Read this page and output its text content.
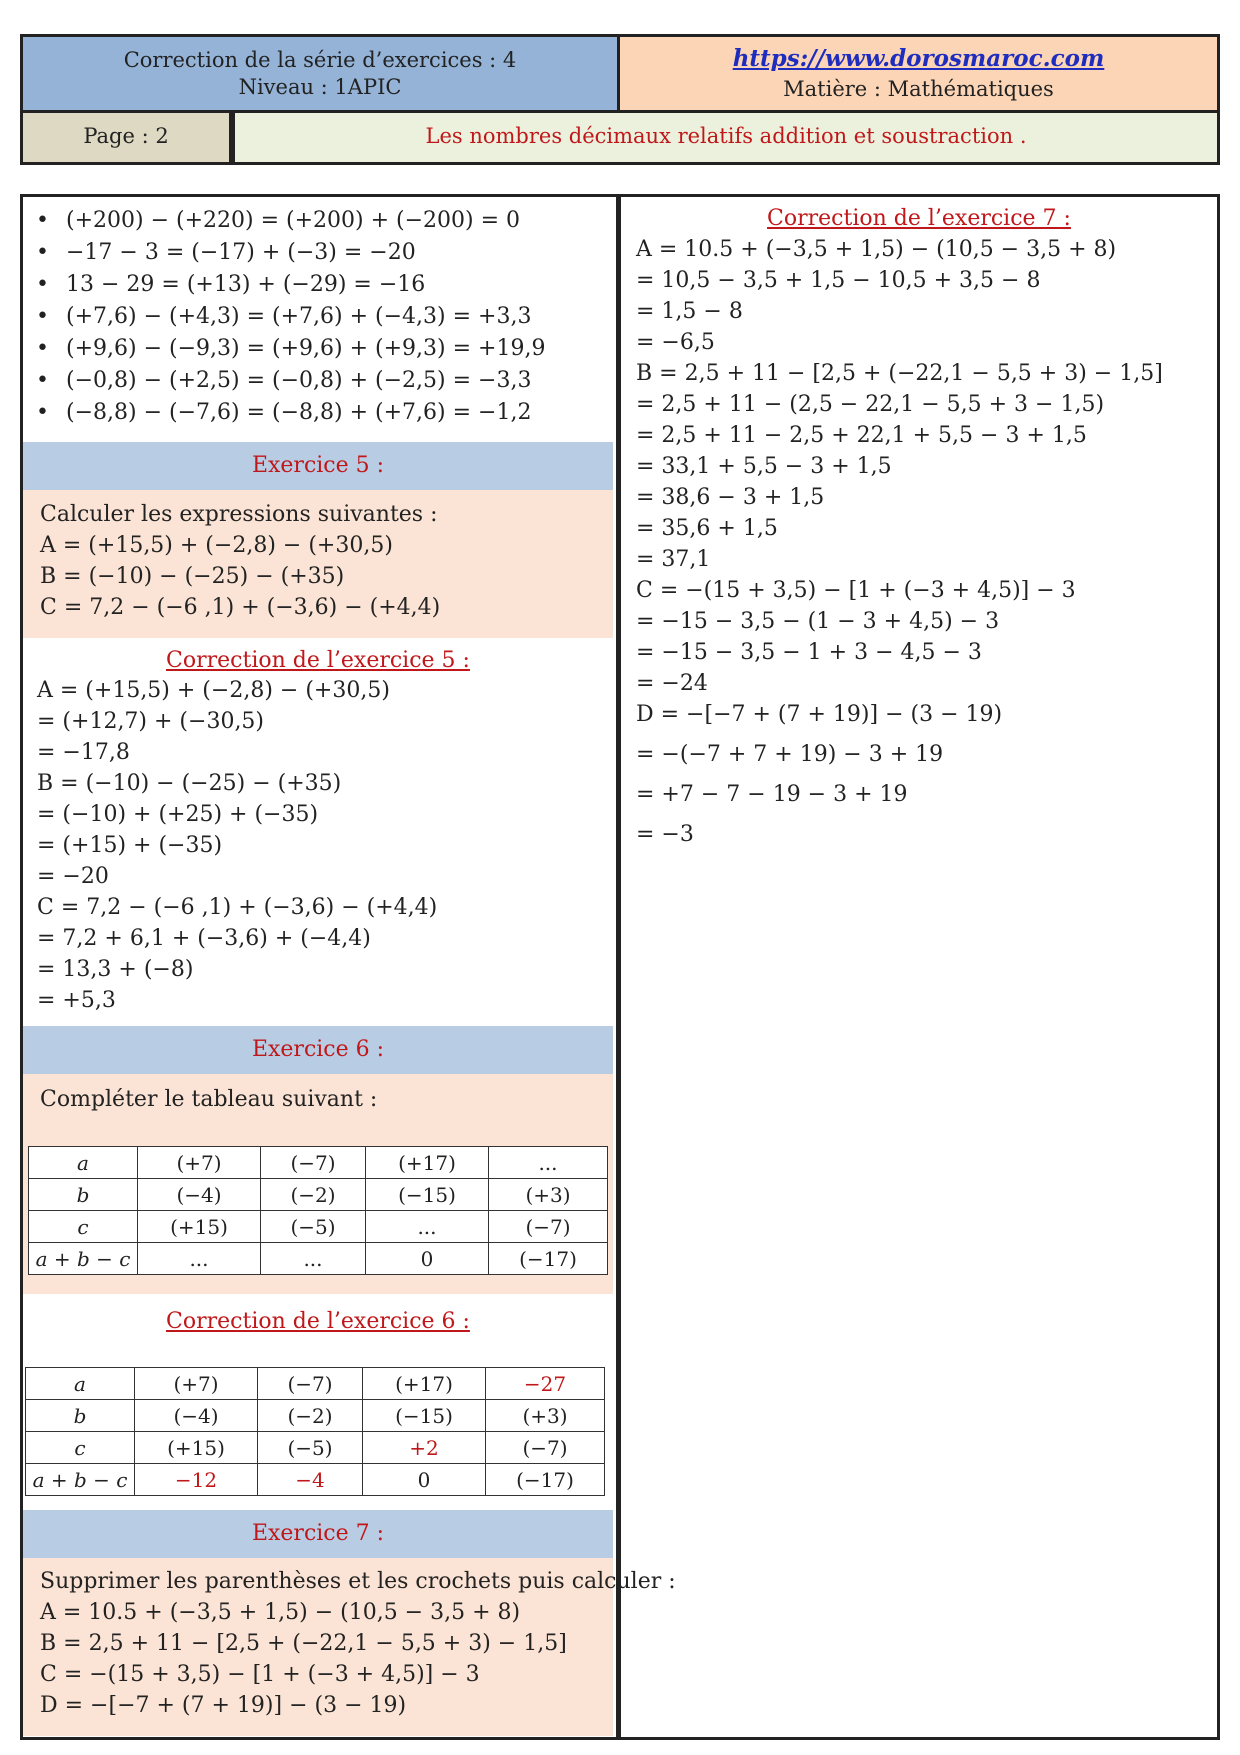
Correction de la série d’exercices : 4
Niveau : 1APIC
https://www.dorosmaroc.com
Matière : Mathématiques
Page : 2	Les nombres décimaux relatifs addition et soustraction .
• (+200) − (+220) = (+200) + (−200) = 0
• −17 − 3 = (−17) + (−3) = −20
• 13 − 29 = (+13) + (−29) = −16
• (+7,6) − (+4,3) = (+7,6) + (−4,3) = +3,3
• (+9,6) − (−9,3) = (+9,6) + (+9,3) = +19,9
• (−0,8) − (+2,5) = (−0,8) + (−2,5) = −3,3
• (−8,8) − (−7,6) = (−8,8) + (+7,6) = −1,2
Exercice 5 :
Calculer les expressions suivantes :
A = (+15,5) + (−2,8) − (+30,5)
B = (−10) − (−25) − (+35)
C = 7,2 − (−6 ,1) + (−3,6) − (+4,4)
Correction de l’exercice 5 :
A = (+15,5) + (−2,8) − (+30,5)
= (+12,7) + (−30,5)
= −17,8
B = (−10) − (−25) − (+35)
= (−10) + (+25) + (−35)
= (+15) + (−35)
= −20
C = 7,2 − (−6 ,1) + (−3,6) − (+4,4)
= 7,2 + 6,1 + (−3,6) + (−4,4)
= 13,3 + (−8)
= +5,3
Exercice 6 :
Compléter le tableau suivant :
a	(+7)	(−7)	(+17)	...
b	(−4)	(−2)	(−15)	(+3)
c	(+15)	(−5)	...	(−7)
a + b − c	...	...	0	(−17)
Correction de l’exercice 6 :
a	(+7)	(−7)	(+17)	−27
b	(−4)	(−2)	(−15)	(+3)
c	(+15)	(−5)	+2	(−7)
a + b − c	−12	−4	0	(−17)
Exercice 7 :
Supprimer les parenthèses et les crochets puis calculer :
A = 10.5 + (−3,5 + 1,5) − (10,5 − 3,5 + 8)
B = 2,5 + 11 − [2,5 + (−22,1 − 5,5 + 3) − 1,5]
C = −(15 + 3,5) − [1 + (−3 + 4,5)] − 3
D = −[−7 + (7 + 19)] − (3 − 19)
Correction de l’exercice 7 :
A = 10.5 + (−3,5 + 1,5) − (10,5 − 3,5 + 8)
= 10,5 − 3,5 + 1,5 − 10,5 + 3,5 − 8
= 1,5 − 8
= −6,5
B = 2,5 + 11 − [2,5 + (−22,1 − 5,5 + 3) − 1,5]
= 2,5 + 11 − (2,5 − 22,1 − 5,5 + 3 − 1,5)
= 2,5 + 11 − 2,5 + 22,1 + 5,5 − 3 + 1,5
= 33,1 + 5,5 − 3 + 1,5
= 38,6 − 3 + 1,5
= 35,6 + 1,5
= 37,1
C = −(15 + 3,5) − [1 + (−3 + 4,5)] − 3
= −15 − 3,5 − (1 − 3 + 4,5) − 3
= −15 − 3,5 − 1 + 3 − 4,5 − 3
= −24
D = −[−7 + (7 + 19)] − (3 − 19)
= −(−7 + 7 + 19) − 3 + 19
= +7 − 7 − 19 − 3 + 19
= −3
